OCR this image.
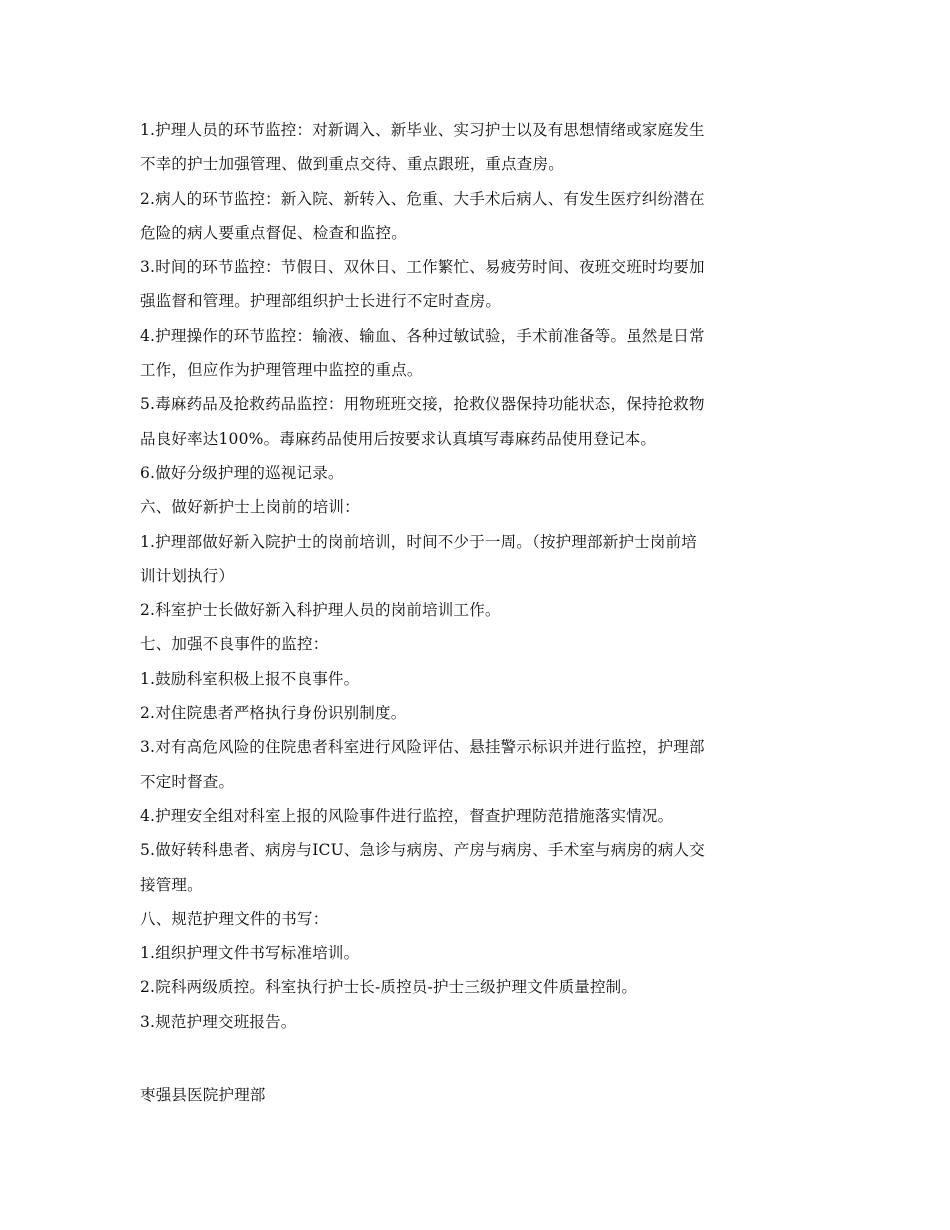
1.护理人员的环节监控：对新调入、新毕业、实习护士以及有思想情绪或家庭发生
不幸的护士加强管理、做到重点交待、重点跟班，重点查房。
2.病人的环节监控：新入院、新转入、危重、大手术后病人、有发生医疗纠纷潜在
危险的病人要重点督促、检查和监控。
3.时间的环节监控：节假日、双休日、工作繁忙、易疲劳时间、夜班交班时均要加
强监督和管理。护理部组织护士长进行不定时查房。
4.护理操作的环节监控：输液、输血、各种过敏试验，手术前准备等。虽然是日常
工作，但应作为护理管理中监控的重点。
5.毒麻药品及抢救药品监控：用物班班交接，抢救仪器保持功能状态，保持抢救物
品良好率达100%。毒麻药品使用后按要求认真填写毒麻药品使用登记本。
6.做好分级护理的巡视记录。
六、做好新护士上岗前的培训：
1.护理部做好新入院护士的岗前培训，时间不少于一周。（按护理部新护士岗前培
训计划执行）
2.科室护士长做好新入科护理人员的岗前培训工作。
七、加强不良事件的监控：
1.鼓励科室积极上报不良事件。
2.对住院患者严格执行身份识别制度。
3.对有高危风险的住院患者科室进行风险评估、悬挂警示标识并进行监控，护理部
不定时督查。
4.护理安全组对科室上报的风险事件进行监控，督查护理防范措施落实情况。
5.做好转科患者、病房与ICU、急诊与病房、产房与病房、手术室与病房的病人交
接管理。
八、规范护理文件的书写：
1.组织护理文件书写标准培训。
2.院科两级质控。科室执行护士长-质控员-护士三级护理文件质量控制。
3.规范护理交班报告。
枣强县医院护理部
